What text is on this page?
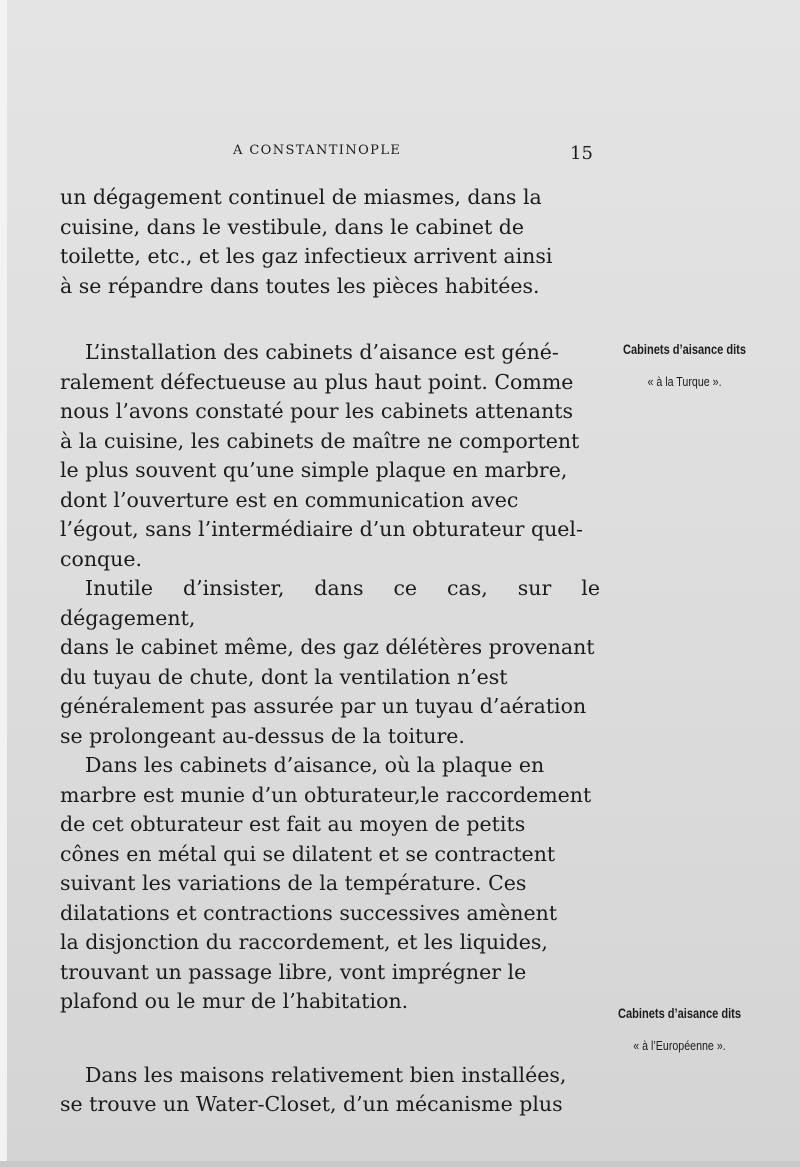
A CONSTANTINOPLE	15

un dégagement continuel de miasmes, dans la

cuisine, dans le vestibule, dans le cabinet de

toilette, etc., et les gaz infectieux arrivent ainsi

à se répandre dans toutes les pièces habitées.

L’installation des cabinets d’aisance est géné-

ralement défectueuse au plus haut point. Comme

nous l’avons constaté pour les cabinets attenants

à la cuisine, les cabinets de maître ne comportent

le plus souvent qu’une simple plaque en marbre,

dont l’ouverture est en communication avec

l’égout, sans l’intermédiaire d’un obturateur quel-

conque.

Inutile d’insister, dans ce cas, sur le dégagement,

dans le cabinet même, des gaz délétères provenant

du tuyau de chute, dont la ventilation n’est

généralement pas assurée par un tuyau d’aération

se prolongeant au-dessus de la toiture.

Dans les cabinets d’aisance, où la plaque en

marbre est munie d’un obturateur,le raccordement

de cet obturateur est fait au moyen de petits

cônes en métal qui se dilatent et se contractent

suivant les variations de la température. Ces

dilatations et contractions successives amènent

la disjonction du raccordement, et les liquides,

trouvant un passage libre, vont imprégner le

plafond ou le mur de l’habitation.

Dans les maisons relativement bien installées,

se trouve un Water-Closet, d’un mécanisme plus

Cabinets d’aisance dits
« à la Turque ».
Cabinets d’aisance dits
« à l’Européenne ».
